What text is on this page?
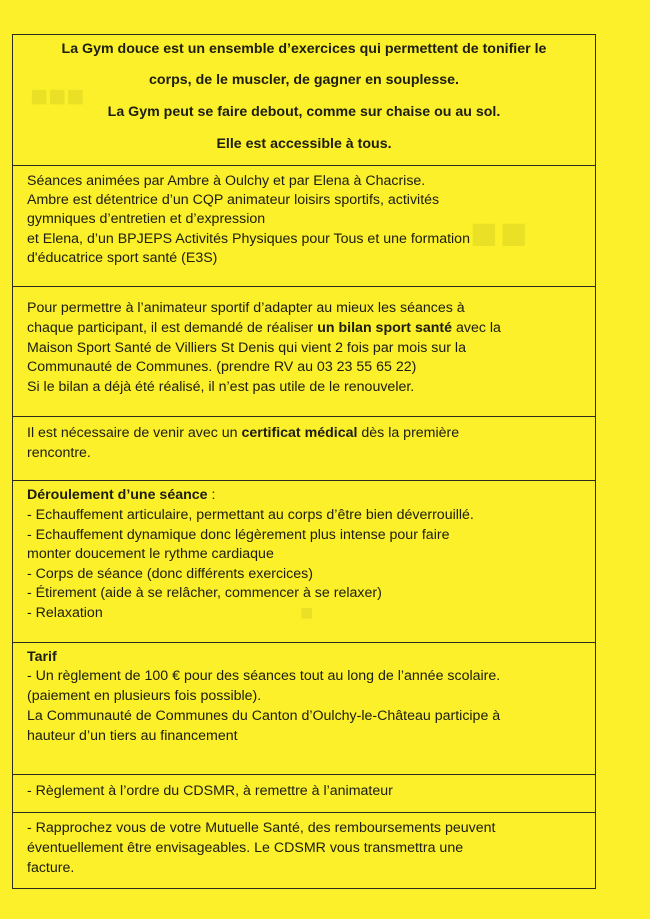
■■■
■■
■
La Gym douce est un ensemble d’exercices qui permettent de tonifier le
corps, de le muscler, de gagner en souplesse.
La Gym peut se faire debout, comme sur chaise ou au sol.
Elle est accessible à tous.
Séances animées par Ambre à Oulchy et par Elena à Chacrise.
Ambre est détentrice d’un CQP animateur loisirs sportifs, activités
gymniques d’entretien et d’expression
et Elena, d’un BPJEPS Activités Physiques pour Tous et une formation
d'éducatrice sport santé (E3S)
Pour permettre à l’animateur sportif d’adapter au mieux les séances à
chaque participant, il est demandé de réaliser un bilan sport santé avec la
Maison Sport Santé de Villiers St Denis qui vient 2 fois par mois sur la
Communauté de Communes. (prendre RV au 03 23 55 65 22)
Si le bilan a déjà été réalisé, il n’est pas utile de le renouveler.
Il est nécessaire de venir avec un certificat médical dès la première
rencontre.
Déroulement d’une séance :
- Echauffement articulaire, permettant au corps d’être bien déverrouillé.
- Echauffement dynamique donc légèrement plus intense pour faire
monter doucement le rythme cardiaque
- Corps de séance (donc différents exercices)
- Étirement (aide à se relâcher, commencer à se relaxer)
- Relaxation
Tarif
- Un règlement de 100 € pour des séances tout au long de l’année scolaire.
(paiement en plusieurs fois possible).
La Communauté de Communes du Canton d’Oulchy-le-Château participe à
hauteur d’un tiers au financement
- Règlement à l’ordre du CDSMR, à remettre à l’animateur
- Rapprochez vous de votre Mutuelle Santé, des remboursements peuvent
éventuellement être envisageables. Le CDSMR vous transmettra une
facture.
